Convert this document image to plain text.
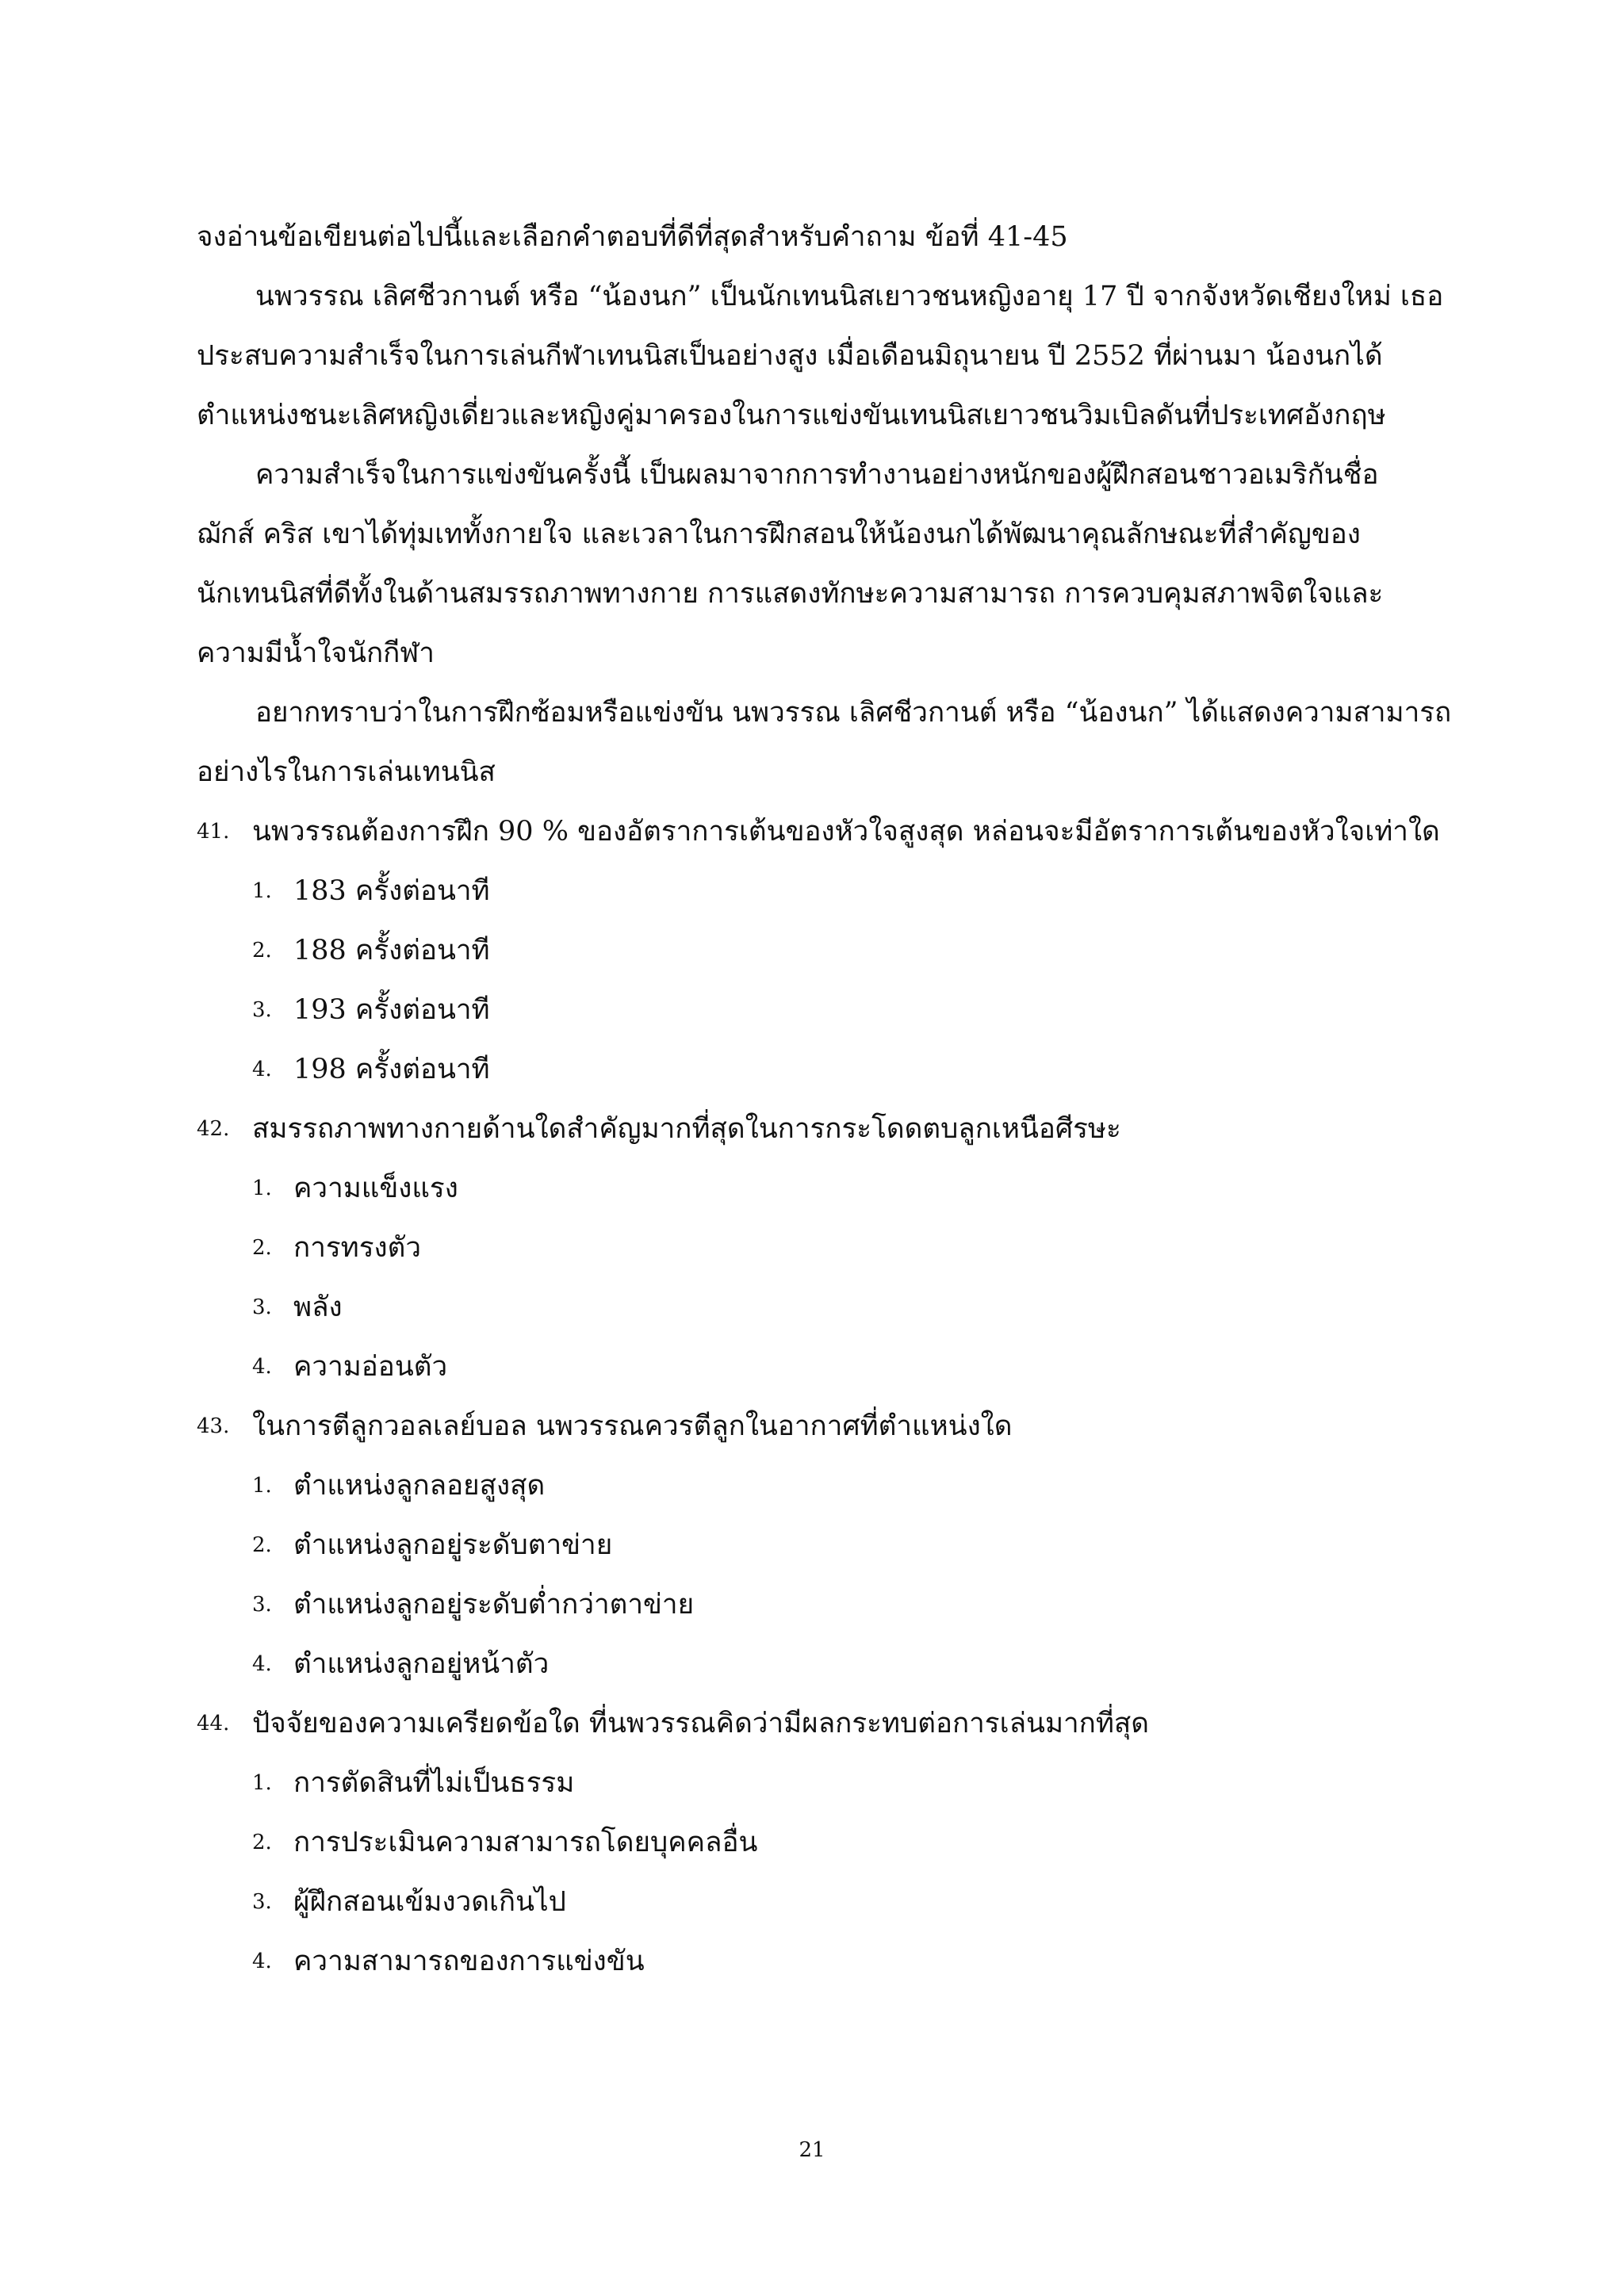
จงอ่านข้อเขียนต่อไปนี้และเลือกคำตอบที่ดีที่สุดสำหรับคำถาม ข้อที่ 41-45
นพวรรณ เลิศชีวกานต์ หรือ “น้องนก” เป็นนักเทนนิสเยาวชนหญิงอายุ 17 ปี จากจังหวัดเชียงใหม่ เธอ
ประสบความสำเร็จในการเล่นกีฬาเทนนิสเป็นอย่างสูง เมื่อเดือนมิถุนายน ปี 2552 ที่ผ่านมา น้องนกได้
ตำแหน่งชนะเลิศหญิงเดี่ยวและหญิงคู่มาครองในการแข่งขันเทนนิสเยาวชนวิมเบิลดันที่ประเทศอังกฤษ
ความสำเร็จในการแข่งขันครั้งนี้ เป็นผลมาจากการทำงานอย่างหนักของผู้ฝึกสอนชาวอเมริกันชื่อ
ฌักส์ คริส เขาได้ทุ่มเททั้งกายใจ และเวลาในการฝึกสอนให้น้องนกได้พัฒนาคุณลักษณะที่สำคัญของ
นักเทนนิสที่ดีทั้งในด้านสมรรถภาพทางกาย การแสดงทักษะความสามารถ การควบคุมสภาพจิตใจและ
ความมีน้ำใจนักกีฬา
อยากทราบว่าในการฝึกซ้อมหรือแข่งขัน นพวรรณ เลิศชีวกานต์ หรือ “น้องนก” ได้แสดงความสามารถ
อย่างไรในการเล่นเทนนิส
41. นพวรรณต้องการฝึก 90 % ของอัตราการเต้นของหัวใจสูงสุด หล่อนจะมีอัตราการเต้นของหัวใจเท่าใด
1. 183 ครั้งต่อนาที
2. 188 ครั้งต่อนาที
3. 193 ครั้งต่อนาที
4. 198 ครั้งต่อนาที
42. สมรรถภาพทางกายด้านใดสำคัญมากที่สุดในการกระโดดตบลูกเหนือศีรษะ
1. ความแข็งแรง
2. การทรงตัว
3. พลัง
4. ความอ่อนตัว
43. ในการตีลูกวอลเลย์บอล นพวรรณควรตีลูกในอากาศที่ตำแหน่งใด
1. ตำแหน่งลูกลอยสูงสุด
2. ตำแหน่งลูกอยู่ระดับตาข่าย
3. ตำแหน่งลูกอยู่ระดับต่ำกว่าตาข่าย
4. ตำแหน่งลูกอยู่หน้าตัว
44. ปัจจัยของความเครียดข้อใด ที่นพวรรณคิดว่ามีผลกระทบต่อการเล่นมากที่สุด
1. การตัดสินที่ไม่เป็นธรรม
2. การประเมินความสามารถโดยบุคคลอื่น
3. ผู้ฝึกสอนเข้มงวดเกินไป
4. ความสามารถของการแข่งขัน
21
